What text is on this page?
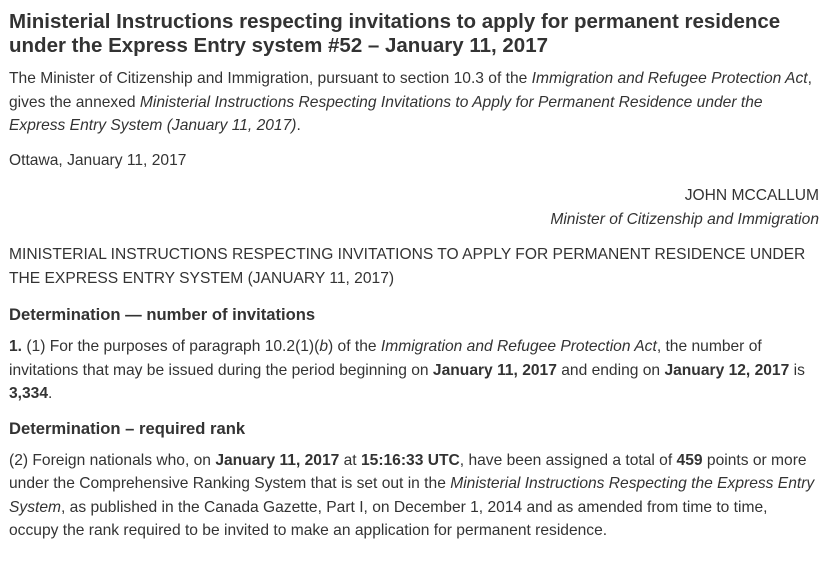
Ministerial Instructions respecting invitations to apply for permanent residence under the Express Entry system #52 – January 11, 2017

The Minister of Citizenship and Immigration, pursuant to section 10.3 of the Immigration and Refugee Protection Act, gives the annexed Ministerial Instructions Respecting Invitations to Apply for Permanent Residence under the Express Entry System (January 11, 2017).

Ottawa, January 11, 2017

JOHN MCCALLUM
Minister of Citizenship and Immigration

MINISTERIAL INSTRUCTIONS RESPECTING INVITATIONS TO APPLY FOR PERMANENT RESIDENCE UNDER THE EXPRESS ENTRY SYSTEM (JANUARY 11, 2017)

Determination — number of invitations

1. (1) For the purposes of paragraph 10.2(1)(b) of the Immigration and Refugee Protection Act, the number of invitations that may be issued during the period beginning on January 11, 2017 and ending on January 12, 2017 is 3,334.

Determination – required rank

(2) Foreign nationals who, on January 11, 2017 at 15:16:33 UTC, have been assigned a total of 459 points or more under the Comprehensive Ranking System that is set out in the Ministerial Instructions Respecting the Express Entry System, as published in the Canada Gazette, Part I, on December 1, 2014 and as amended from time to time, occupy the rank required to be invited to make an application for permanent residence.
